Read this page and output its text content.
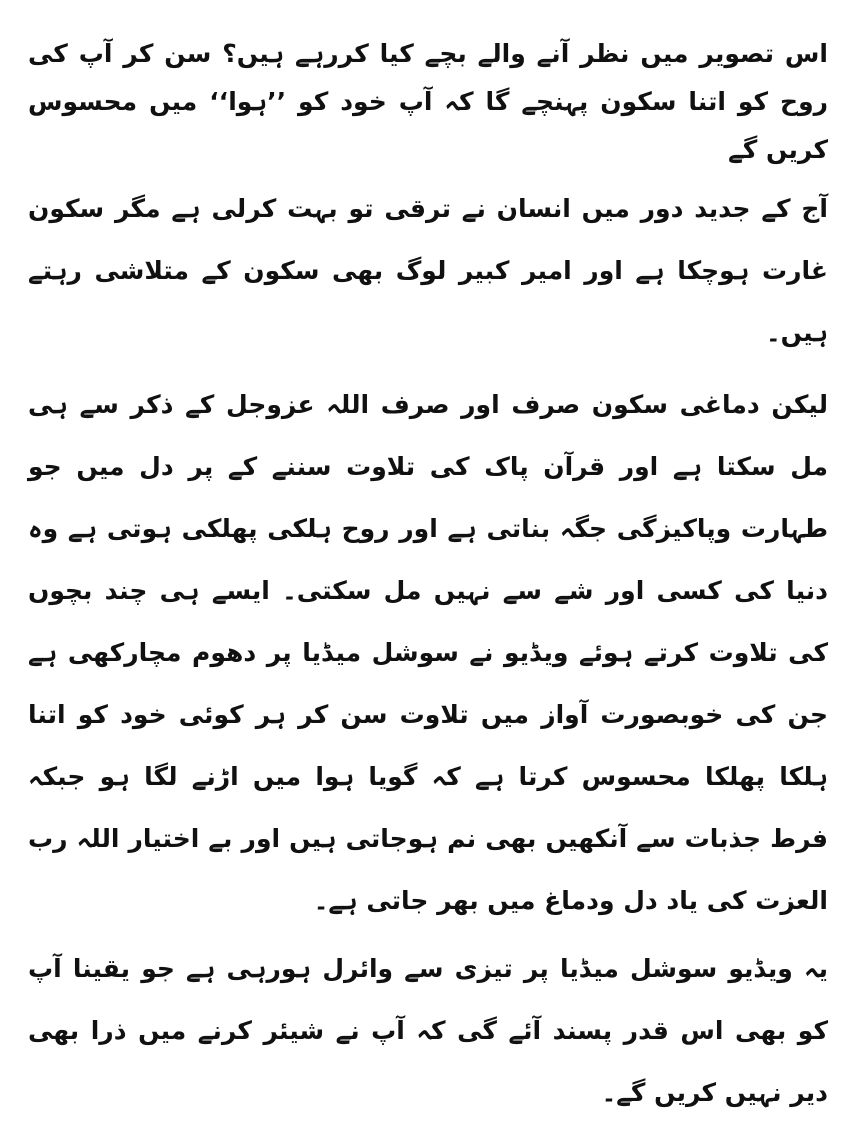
اس تصویر میں نظر آنے والے بچے کیا کررہے ہیں؟ سن کر آپ کی روح کو اتنا سکون پہنچے گا کہ آپ خود کو ’’ہوا‘‘ میں محسوس کریں گے

آج کے جدید دور میں انسان نے ترقی تو بہت کرلی ہے مگر سکون غارت ہوچکا ہے اور امیر کبیر لوگ بھی سکون کے متلاشی رہتے ہیں۔

لیکن دماغی سکون صرف اور صرف اللہ عزوجل کے ذکر سے ہی مل سکتا ہے اور قرآن پاک کی تلاوت سننے کے پر دل میں جو طہارت وپاکیزگی جگہ بناتی ہے اور روح ہلکی پھلکی ہوتی ہے وہ دنیا کی کسی اور شے سے نہیں مل سکتی۔ ایسے ہی چند بچوں کی تلاوت کرتے ہوئے ویڈیو نے سوشل میڈیا پر دھوم مچارکھی ہے جن کی خوبصورت آواز میں تلاوت سن کر ہر کوئی خود کو اتنا ہلکا پھلکا محسوس کرتا ہے کہ گویا ہوا میں اڑنے لگا ہو جبکہ فرط جذبات سے آنکھیں بھی نم ہوجاتی ہیں اور بے اختیار اللہ رب العزت کی یاد دل ودماغ میں بھر جاتی ہے۔

یہ ویڈیو سوشل میڈیا پر تیزی سے وائرل ہورہی ہے جو یقینا آپ کو بھی اس قدر پسند آئے گی کہ آپ نے شیئر کرنے میں ذرا بھی دیر نہیں کریں گے۔
